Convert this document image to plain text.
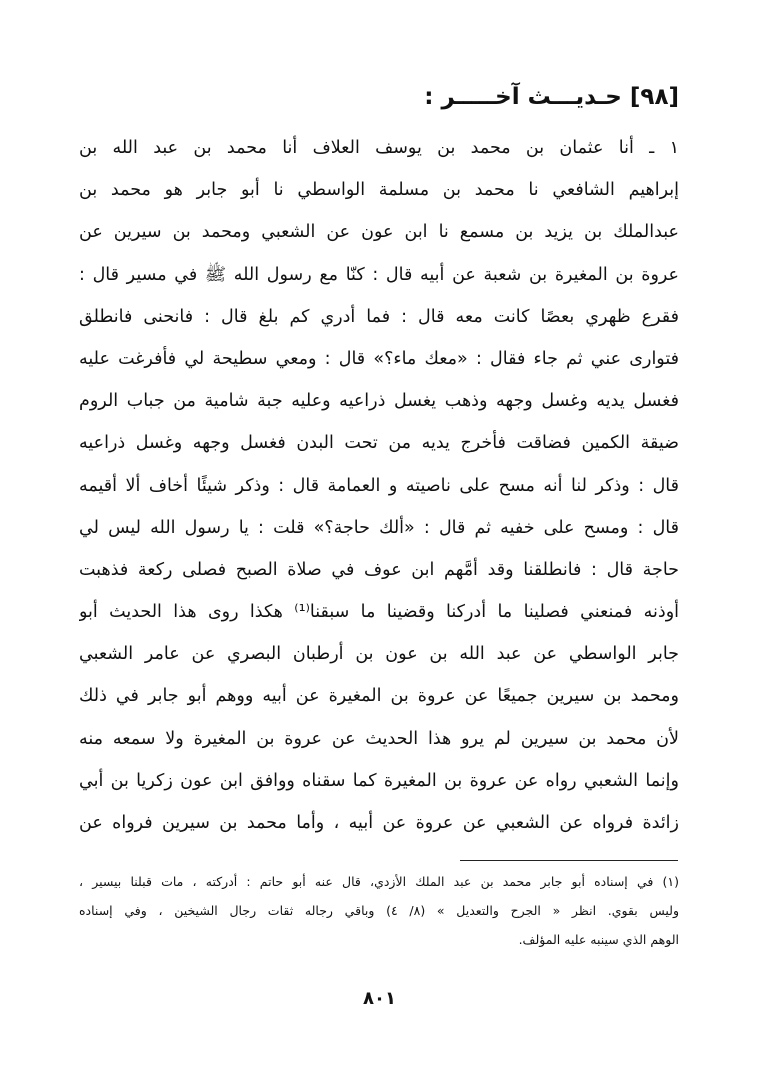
[٩٨] حـديـــث آخـــــر :
١ ـ أنا عثمان بن محمد بن يوسف العلاف أنا محمد بن عبد الله بن
إبراهيم الشافعي نا محمد بن مسلمة الواسطي نا أبو جابر هو محمد بن
عبدالملك بن يزيد بن مسمع نا ابن عون عن الشعبي ومحمد بن سيرين عن
عروة بن المغيرة بن شعبة عن أبيه قال : كنّا مع رسول الله ﷺ في مسير قال :
فقرع ظهري بعصًا كانت معه قال : فما أدري كم بلغ قال : فانحنى فانطلق
فتوارى عني ثم جاء فقال : «معك ماء؟» قال : ومعي سطيحة لي فأفرغت عليه
فغسل يديه وغسل وجهه وذهب يغسل ذراعيه وعليه جبة شامية من جباب الروم
ضيقة الكمين فضاقت فأخرج يديه من تحت البدن فغسل وجهه وغسل ذراعيه
قال : وذكر لنا أنه مسح على ناصيته و العمامة قال : وذكر شيئًا أخاف ألا أقيمه
قال : ومسح على خفيه ثم قال : «ألك حاجة؟» قلت : يا رسول الله ليس لي
حاجة قال : فانطلقنا وقد أمَّهم ابن عوف في صلاة الصبح فصلى ركعة فذهبت
أوذنه فمنعني فصلينا ما أدركنا وقضينا ما سبقنا⁽¹⁾ هكذا روى هذا الحديث أبو
جابر الواسطي عن عبد الله بن عون بن أرطبان البصري عن عامر الشعبي
ومحمد بن سيرين جميعًا عن عروة بن المغيرة عن أبيه ووهم أبو جابر في ذلك
لأن محمد بن سيرين لم يرو هذا الحديث عن عروة بن المغيرة ولا سمعه منه
وإنما الشعبي رواه عن عروة بن المغيرة كما سقناه ووافق ابن عون زكريا بن أبي
زائدة فرواه عن الشعبي عن عروة عن أبيه ، وأما محمد بن سيرين فرواه عن
(١) في إسناده أبو جابر محمد بن عبد الملك الأزدي، قال عنه أبو حاتم : أدركته ، مات قبلنا بيسير ،
وليس بقوي. انظر « الجرح والتعديل » (٨/ ٤) وباقي رجاله ثقات رجال الشيخين ، وفي إسناده
الوهم الذي سينبه عليه المؤلف.
٨٠١
